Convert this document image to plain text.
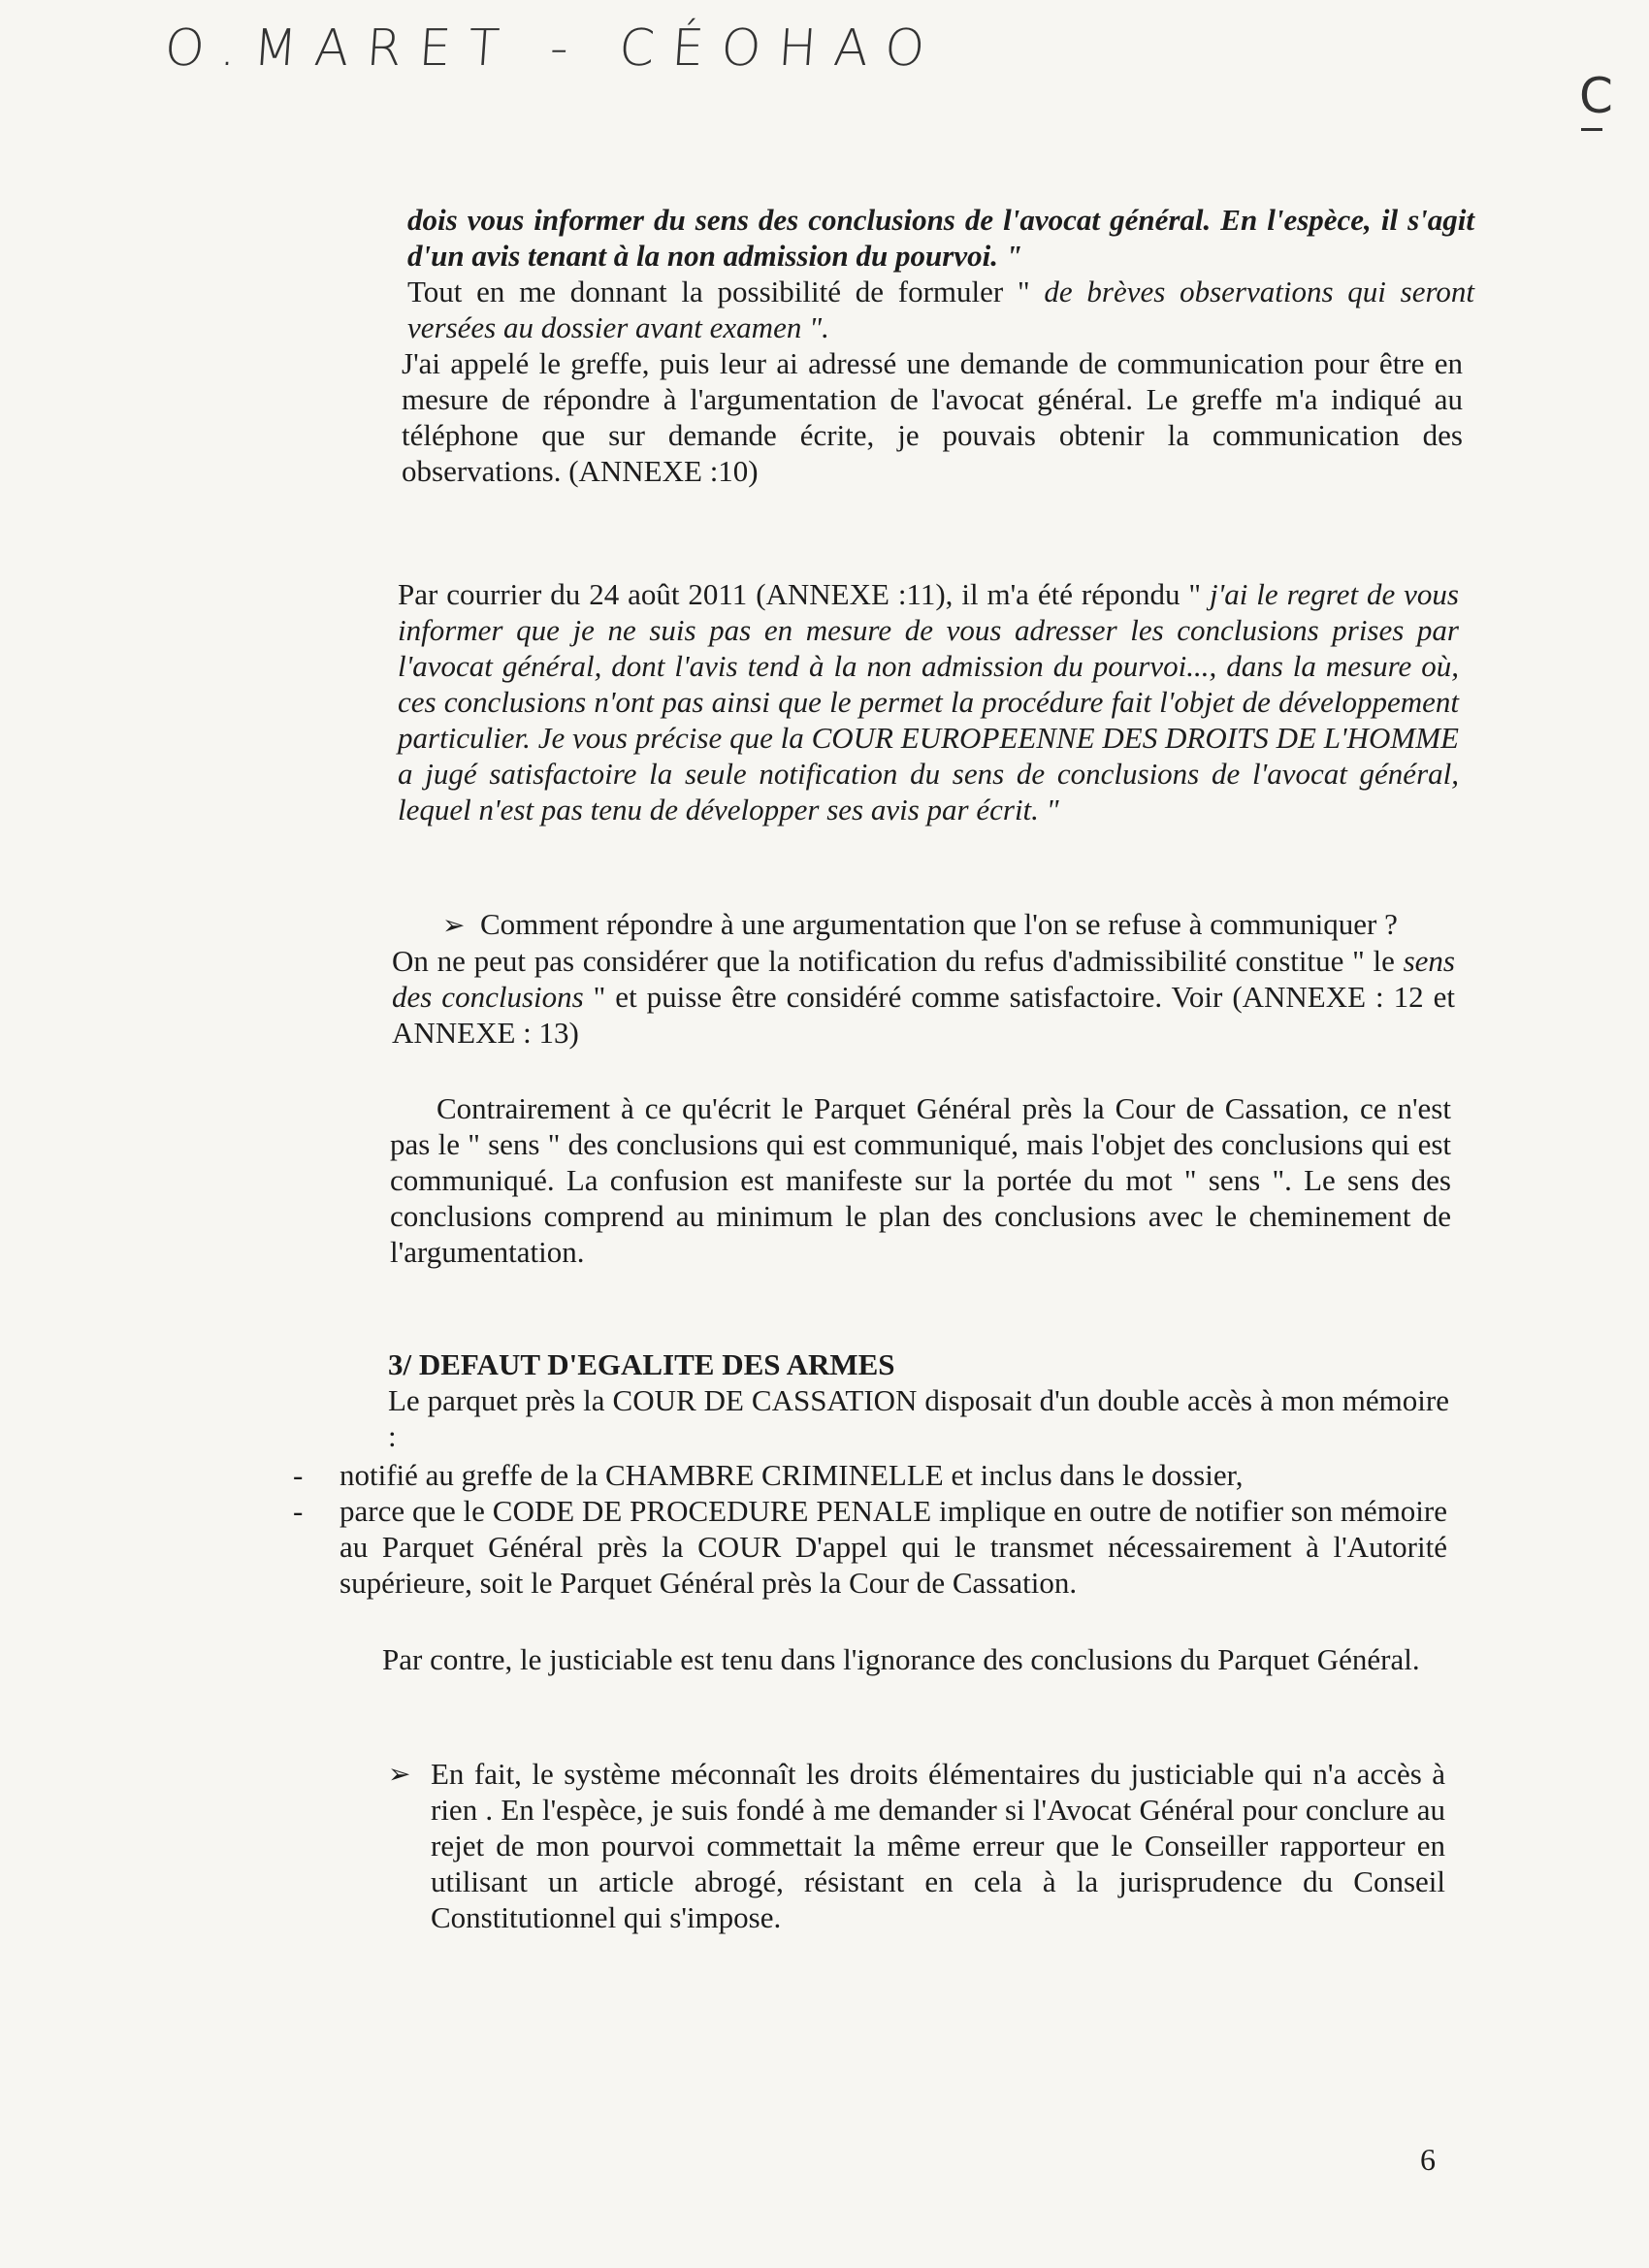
O.MARET - CÉOHAO
C

dois vous informer du sens des conclusions de l'avocat général. En l'espèce, il s'agit d'un avis tenant à la non admission du pourvoi. "

Tout en me donnant la possibilité de formuler " de brèves observations qui seront versées au dossier avant examen ".

J'ai appelé le greffe, puis leur ai adressé une demande de communication pour être en mesure de répondre à l'argumentation de l'avocat général. Le greffe m'a indiqué au téléphone que sur demande écrite, je pouvais obtenir la communication des observations. (ANNEXE :10)

Par courrier du 24 août 2011 (ANNEXE :11), il m'a été répondu " j'ai le regret de vous informer que je ne suis pas en mesure de vous adresser les conclusions prises par l'avocat général, dont l'avis tend à la non admission du pourvoi..., dans la mesure où, ces conclusions n'ont pas ainsi que le permet la procédure fait l'objet de développement particulier. Je vous précise que la COUR EUROPEENNE DES DROITS DE L'HOMME a jugé satisfactoire la seule notification du sens de conclusions de l'avocat général, lequel n'est pas tenu de développer ses avis par écrit. "

➢ Comment répondre à une argumentation que l'on se refuse à communiquer ?

On ne peut pas considérer que la notification du refus d'admissibilité constitue " le sens des conclusions " et puisse être considéré comme satisfactoire. Voir (ANNEXE : 12 et ANNEXE : 13)

Contrairement à ce qu'écrit le Parquet Général près la Cour de Cassation, ce n'est pas le " sens " des conclusions qui est communiqué, mais l'objet des conclusions qui est communiqué. La confusion est manifeste sur la portée du mot " sens ". Le sens des conclusions comprend au minimum le plan des conclusions avec le cheminement de l'argumentation.

3/ DEFAUT D'EGALITE DES ARMES

Le parquet près la COUR DE CASSATION disposait d'un double accès à mon mémoire :

- notifié au greffe de la CHAMBRE CRIMINELLE et inclus dans le dossier,

- parce que le CODE DE PROCEDURE PENALE implique en outre de notifier son mémoire au Parquet Général près la COUR D'appel qui le transmet nécessairement à l'Autorité supérieure, soit le Parquet Général près la Cour de Cassation.

Par contre, le justiciable est tenu dans l'ignorance des conclusions du Parquet Général.

➢ En fait, le système méconnaît les droits élémentaires du justiciable qui n'a accès à rien . En l'espèce, je suis fondé à me demander si l'Avocat Général pour conclure au rejet de mon pourvoi commettait la même erreur que le Conseiller rapporteur en utilisant un article abrogé, résistant en cela à la jurisprudence du Conseil Constitutionnel qui s'impose.

6
